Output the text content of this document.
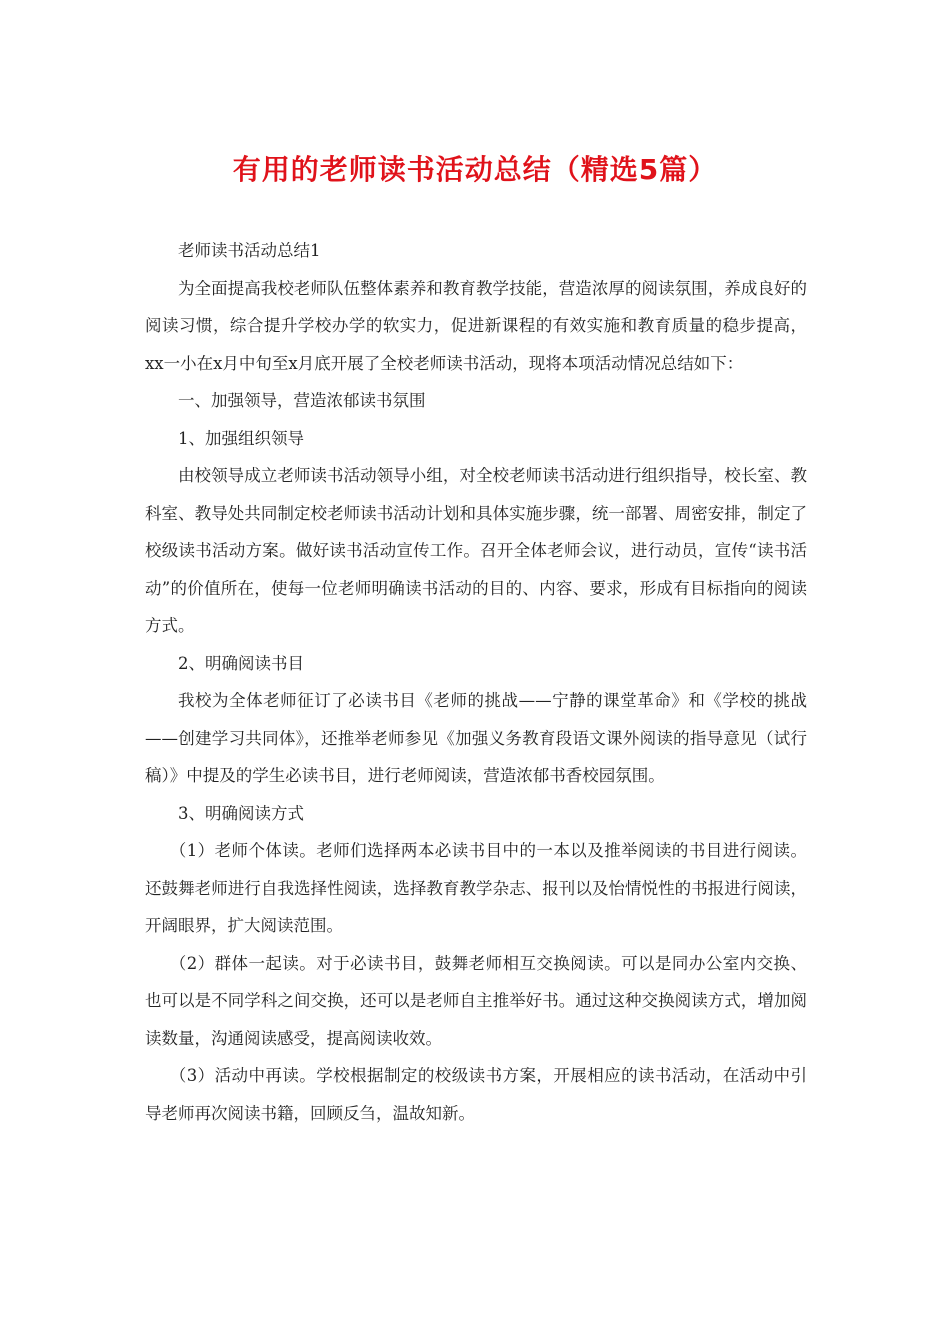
有用的老师读书活动总结（精选5篇）

老师读书活动总结1

为全面提高我校老师队伍整体素养和教育教学技能，营造浓厚的阅读氛围，养成良好的阅读习惯，综合提升学校办学的软实力，促进新课程的有效实施和教育质量的稳步提高，xx一小在x月中旬至x月底开展了全校老师读书活动，现将本项活动情况总结如下：

一、加强领导，营造浓郁读书氛围

1、加强组织领导

由校领导成立老师读书活动领导小组，对全校老师读书活动进行组织指导，校长室、教科室、教导处共同制定校老师读书活动计划和具体实施步骤，统一部署、周密安排，制定了校级读书活动方案。做好读书活动宣传工作。召开全体老师会议，进行动员，宣传“读书活动”的价值所在，使每一位老师明确读书活动的目的、内容、要求，形成有目标指向的阅读方式。

2、明确阅读书目

我校为全体老师征订了必读书目《老师的挑战——宁静的课堂革命》和《学校的挑战——创建学习共同体》，还推举老师参见《加强义务教育段语文课外阅读的指导意见（试行稿）》中提及的学生必读书目，进行老师阅读，营造浓郁书香校园氛围。

3、明确阅读方式

（1）老师个体读。老师们选择两本必读书目中的一本以及推举阅读的书目进行阅读。还鼓舞老师进行自我选择性阅读，选择教育教学杂志、报刊以及怡情悦性的书报进行阅读，开阔眼界，扩大阅读范围。

（2）群体一起读。对于必读书目，鼓舞老师相互交换阅读。可以是同办公室内交换、也可以是不同学科之间交换，还可以是老师自主推举好书。通过这种交换阅读方式，增加阅读数量，沟通阅读感受，提高阅读收效。

（3）活动中再读。学校根据制定的校级读书方案，开展相应的读书活动，在活动中引导老师再次阅读书籍，回顾反刍，温故知新。
